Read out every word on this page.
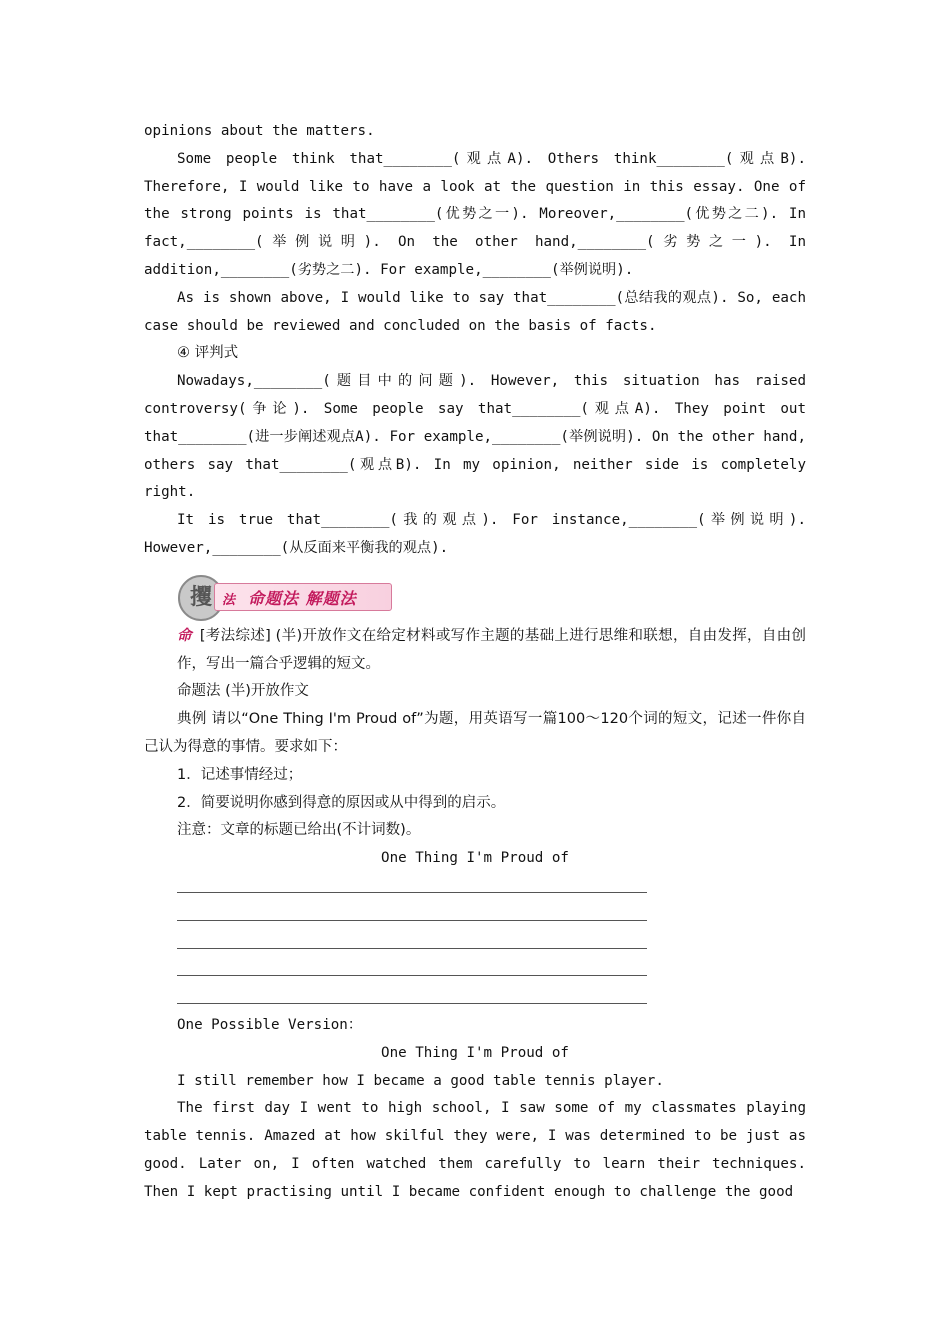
opinions about the matters.

Some people think that________(观点A). Others think________(观点B). Therefore, I would like to have a look at the question in this essay. One of the strong points is that________(优势之一). Moreover,________(优势之二). In fact,________(举例说明). On the other hand,________(劣势之一). In addition,________(劣势之二). For example,________(举例说明).

As is shown above, I would like to say that________(总结我的观点). So, each case should be reviewed and concluded on the basis of facts.

④ 评判式

Nowadays,________(题目中的问题). However, this situation has raised controversy(争论). Some people say that________(观点A). They point out that________(进一步阐述观点A). For example,________(举例说明). On the other hand, others say that________(观点B). In my opinion, neither side is completely right.

It is true that________(我的观点). For instance,________(举例说明). However,________(从反面来平衡我的观点).

攫 法 命题法 解题法

命 [考法综述] (半)开放作文在给定材料或写作主题的基础上进行思维和联想，自由发挥，自由创作，写出一篇合乎逻辑的短文。

命题法 (半)开放作文

典例 请以“One Thing I'm Proud of”为题，用英语写一篇100～120个词的短文，记述一件你自己认为得意的事情。要求如下：

1．记述事情经过；

2．简要说明你感到得意的原因或从中得到的启示。

注意：文章的标题已给出(不计词数)。

One Thing I'm Proud of

One Possible Version：

One Thing I'm Proud of

I still remember how I became a good table tennis player.

The first day I went to high school, I saw some of my classmates playing table tennis. Amazed at how skilful they were, I was determined to be just as good. Later on, I often watched them carefully to learn their techniques. Then I kept practising until I became confident enough to challenge the good
